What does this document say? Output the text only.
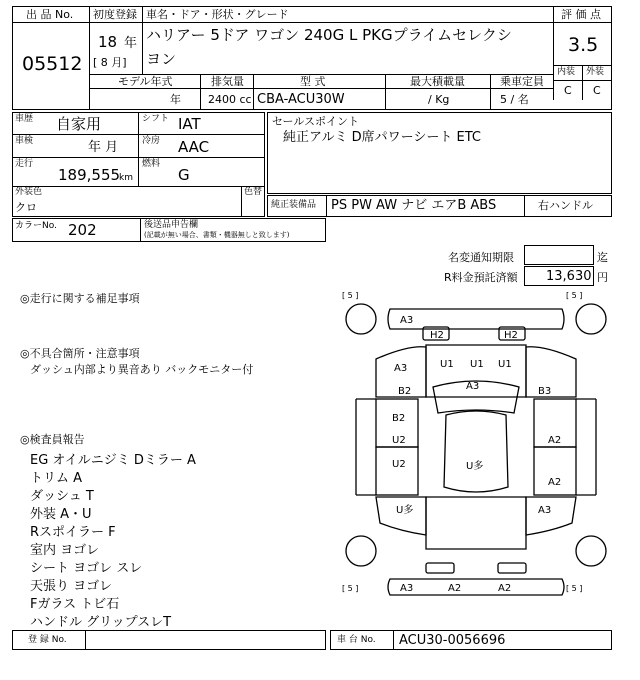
出 品 No.
05512
初度登録 車名・ドア・形状・グレード
18 年
[ 8 月]
ハリアー 5ドア ワゴン 240G L PKGプライムセレクシ
ヨン
評 価 点
3.5
内装 外装
C C
モデル年式
年
排気量
2400 cc
型 式
CBA-ACU30W
最大積載量
/ Kg
乗車定員
5 / 名
車歴 自家用	シフト IAT
車検	年 月	冷房 AAC
走行
189,555
km
燃料
G
外装色
クロ
色替
セールスポイント
純正アルミ D席パワーシート ETC
純正装備品 PS PW AW ナビ エアB ABS	右ハンドル
カラーNo. 202	後送品申告欄
(記載が無い場合、書類・機器無しと致します)
名変通知期限	迄
R料金預託済額 13,630 円
◎走行に関する補足事項
◎不具合箇所・注意事項
ダッシュ内部より異音あり バックモニター付
◎検査員報告
EG オイルニジミ Dミラー A
トリム A
ダッシュ T
外装 A・U
Rスポイラー F
室内 ヨゴレ
シート ヨゴレ スレ
天張り ヨゴレ
Fガラス トビ石
ハンドル グリップスレT
[ 5 ]	[ 5 ]
[ 5 ]	[ 5 ]
A3
H2	H2
A3	U1 U1 U1
A3
B2	B3
B2
U2	A2
U2	U多
A2
U多	A3
A3	A2	A2
登 録 No.	車 台 No. ACU30-0056696
